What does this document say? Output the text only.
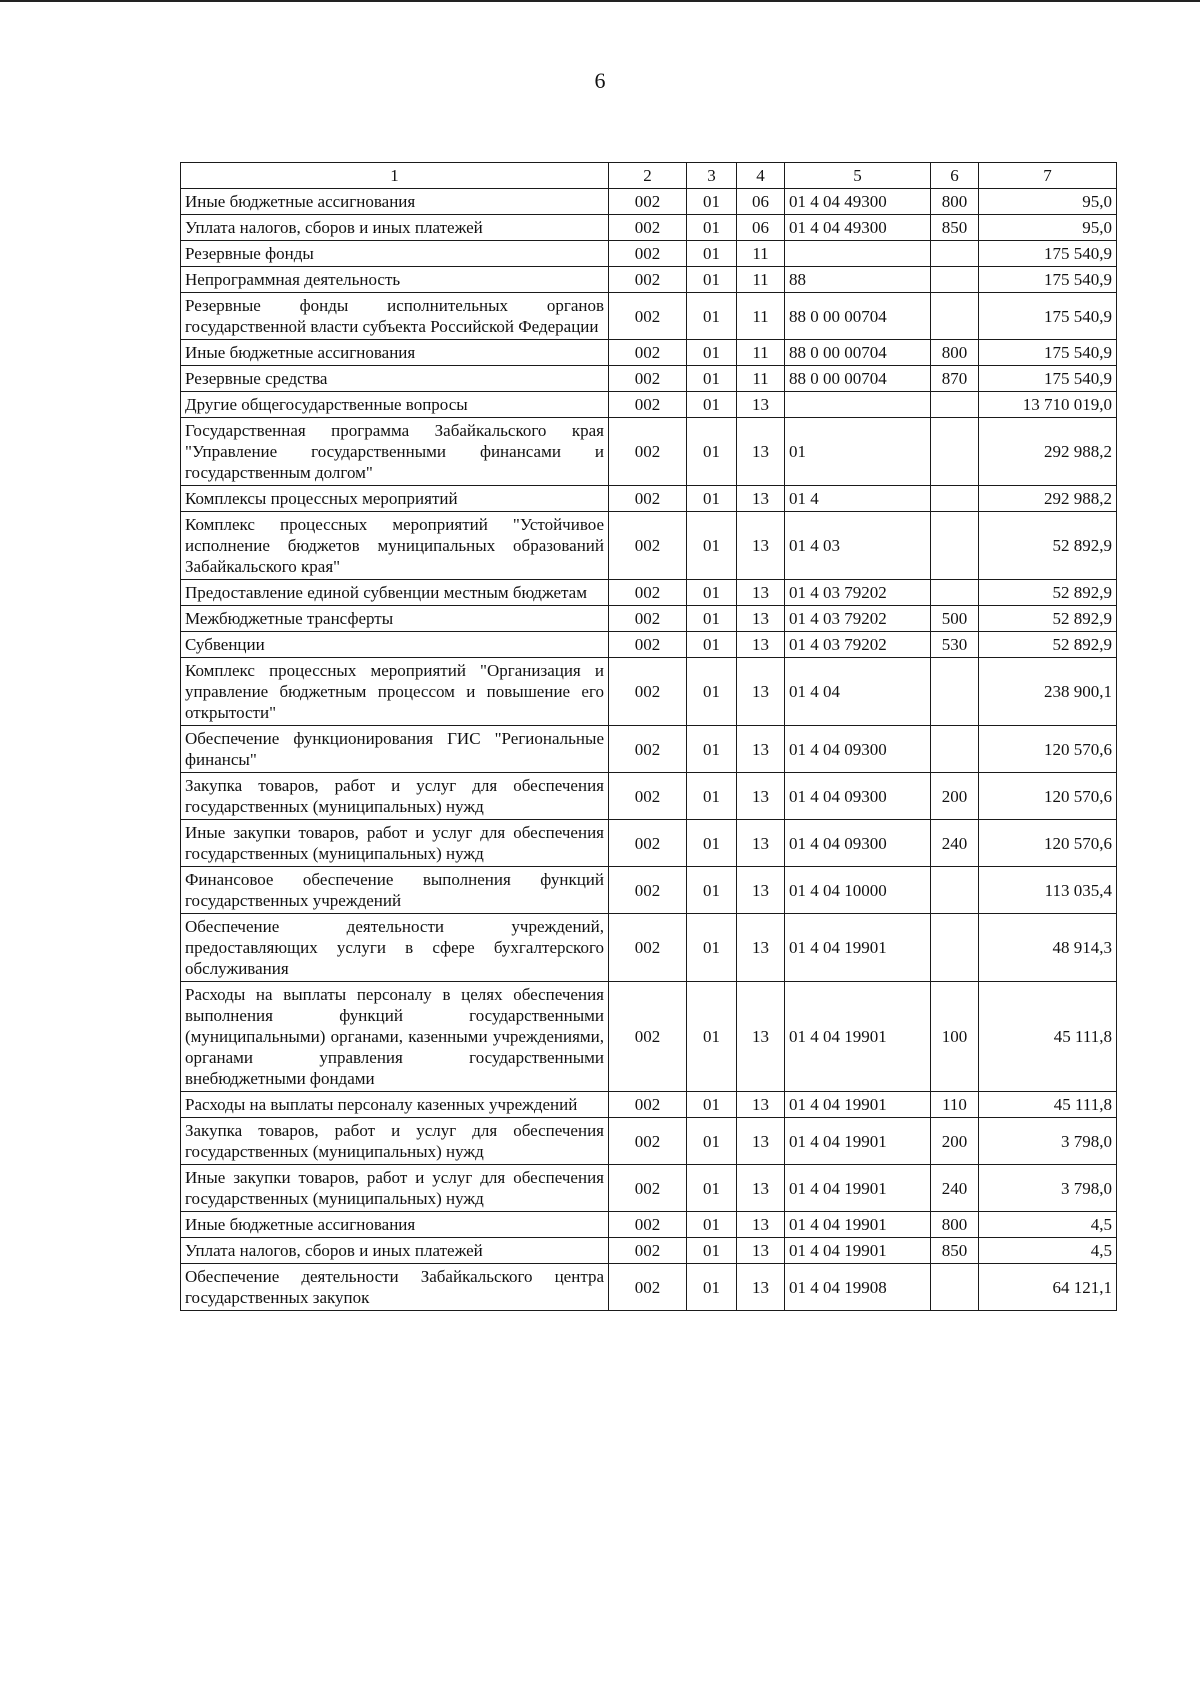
6
1	2	3	4	5	6	7
Иные бюджетные ассигнования	002	01	06	01 4 04 49300	800	95,0
Уплата налогов, сборов и иных платежей	002	01	06	01 4 04 49300	850	95,0
Резервные фонды	002	01	11			175 540,9
Непрограммная деятельность	002	01	11	88		175 540,9
Резервные фонды исполнительных органов государственной власти субъекта Российской Федерации	002	01	11	88 0 00 00704		175 540,9
Иные бюджетные ассигнования	002	01	11	88 0 00 00704	800	175 540,9
Резервные средства	002	01	11	88 0 00 00704	870	175 540,9
Другие общегосударственные вопросы	002	01	13			13 710 019,0
Государственная программа Забайкальского края "Управление государственными финансами и государственным долгом"	002	01	13	01		292 988,2
Комплексы процессных мероприятий	002	01	13	01 4		292 988,2
Комплекс процессных мероприятий "Устойчивое исполнение бюджетов муниципальных образований Забайкальского края"	002	01	13	01 4 03		52 892,9
Предоставление единой субвенции местным бюджетам	002	01	13	01 4 03 79202		52 892,9
Межбюджетные трансферты	002	01	13	01 4 03 79202	500	52 892,9
Субвенции	002	01	13	01 4 03 79202	530	52 892,9
Комплекс процессных мероприятий "Организация и управление бюджетным процессом и повышение его открытости"	002	01	13	01 4 04		238 900,1
Обеспечение функционирования ГИС "Региональные финансы"	002	01	13	01 4 04 09300		120 570,6
Закупка товаров, работ и услуг для обеспечения государственных (муниципальных) нужд	002	01	13	01 4 04 09300	200	120 570,6
Иные закупки товаров, работ и услуг для обеспечения государственных (муниципальных) нужд	002	01	13	01 4 04 09300	240	120 570,6
Финансовое обеспечение выполнения функций государственных учреждений	002	01	13	01 4 04 10000		113 035,4
Обеспечение деятельности учреждений, предоставляющих услуги в сфере бухгалтерского обслуживания	002	01	13	01 4 04 19901		48 914,3
Расходы на выплаты персоналу в целях обеспечения выполнения функций государственными (муниципальными) органами, казенными учреждениями, органами управления государственными внебюджетными фондами	002	01	13	01 4 04 19901	100	45 111,8
Расходы на выплаты персоналу казенных учреждений	002	01	13	01 4 04 19901	110	45 111,8
Закупка товаров, работ и услуг для обеспечения государственных (муниципальных) нужд	002	01	13	01 4 04 19901	200	3 798,0
Иные закупки товаров, работ и услуг для обеспечения государственных (муниципальных) нужд	002	01	13	01 4 04 19901	240	3 798,0
Иные бюджетные ассигнования	002	01	13	01 4 04 19901	800	4,5
Уплата налогов, сборов и иных платежей	002	01	13	01 4 04 19901	850	4,5
Обеспечение деятельности Забайкальского центра государственных закупок	002	01	13	01 4 04 19908		64 121,1
